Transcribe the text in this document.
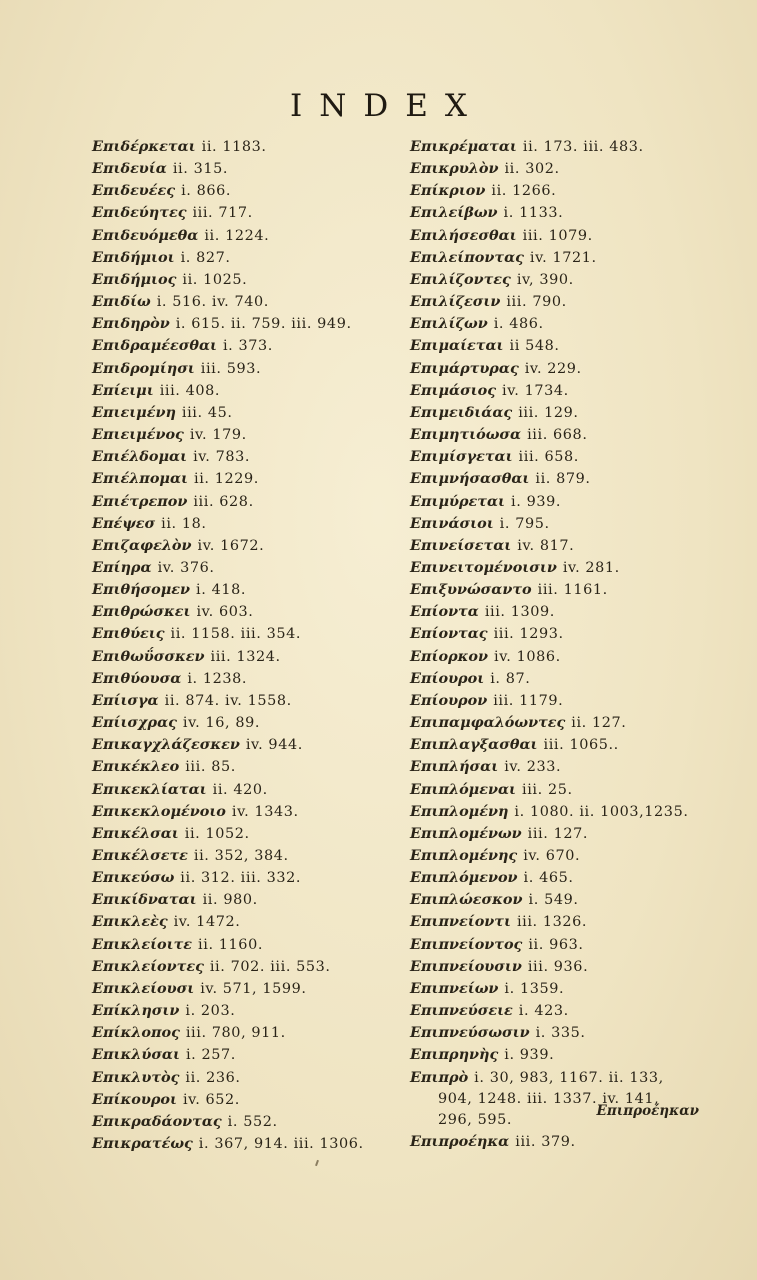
INDEX
Επιδέρκεται ii. 1183.
Επιδευία ii. 315.
Επιδευέες i. 866.
Επιδεύητες iii. 717.
Επιδευόμεθα ii. 1224.
Επιδήμιοι i. 827.
Επιδήμιος ii. 1025.
Επιδίω i. 516. iv. 740.
Επιδηρὸν i. 615. ii. 759. iii. 949.
Επιδραμέεσθαι i. 373.
Επιδρομίησι iii. 593.
Επίειμι iii. 408.
Επιειμένη iii. 45.
Επιειμένος iv. 179.
Επιέλδομαι iv. 783.
Επιέλπομαι ii. 1229.
Επιέτρεπον iii. 628.
Επέψεσ ii. 18.
Επιζαφελὸν iv. 1672.
Επίηρα iv. 376.
Επιθήσομεν i. 418.
Επιθρώσκει iv. 603.
Επιθύεις ii. 1158. iii. 354.
Επιθωΰσσκεν iii. 1324.
Επιθύουσα i. 1238.
Επίισγα ii. 874. iv. 1558.
Επίισχρας iv. 16, 89.
Επικαγχλάζεσκεν iv. 944.
Επικέκλεο iii. 85.
Επικεκλίαται ii. 420.
Επικεκλομένοιο iv. 1343.
Επικέλσαι ii. 1052.
Επικέλσετε ii. 352, 384.
Επικεύσω ii. 312. iii. 332.
Επικίδναται ii. 980.
Επικλεὲς iv. 1472.
Επικλείοιτε ii. 1160.
Επικλείοντες ii. 702. iii. 553.
Επικλείουσι iv. 571, 1599.
Επίκλησιν i. 203.
Επίκλοπος iii. 780, 911.
Επικλύσαι i. 257.
Επικλυτὸς ii. 236.
Επίκουροι iv. 652.
Επικραδάοντας i. 552.
Επικρατέως i. 367, 914. iii. 1306.
Επικρέμαται ii. 173. iii. 483.
Επικρυλὸν ii. 302.
Επίκριον ii. 1266.
Επιλείβων i. 1133.
Επιλήσεσθαι iii. 1079.
Επιλείποντας iv. 1721.
Επιλίζοντες iv, 390.
Επιλίζεσιν iii. 790.
Επιλίζων i. 486.
Επιμαίεται ii 548.
Επιμάρτυρας iv. 229.
Επιμάσιος iv. 1734.
Επιμειδιάας iii. 129.
Επιμητιόωσα iii. 668.
Επιμίσγεται iii. 658.
Επιμνήσασθαι ii. 879.
Επιμύρεται i. 939.
Επινάσιοι i. 795.
Επινείσεται iv. 817.
Επινειτομένοισιν iv. 281.
Επιξυνώσαντο iii. 1161.
Επίοντα iii. 1309.
Επίοντας iii. 1293.
Επίορκον iv. 1086.
Επίουροι i. 87.
Επίουρον iii. 1179.
Επιπαμφαλόωντες ii. 127.
Επιπλαγξασθαι iii. 1065..
Επιπλήσαι iv. 233.
Επιπλόμεναι iii. 25.
Επιπλομένη i. 1080. ii. 1003,1235.
Επιπλομένων iii. 127.
Επιπλομένης iv. 670.
Επιπλόμενον i. 465.
Επιπλώεσκον i. 549.
Επιπνείοντι iii. 1326.
Επιπνείοντος ii. 963.
Επιπνείουσιν iii. 936.
Επιπνείων i. 1359.
Επιπνεύσειε i. 423.
Επιπνεύσωσιν i. 335.
Επιπρηνὴς i. 939.
Επιπρὸ i. 30, 983, 1167. ii. 133,
904, 1248. iii. 1337. iv. 141,
296, 595.
Επιπροέηκα iii. 379.
Επιπροέηκαν
